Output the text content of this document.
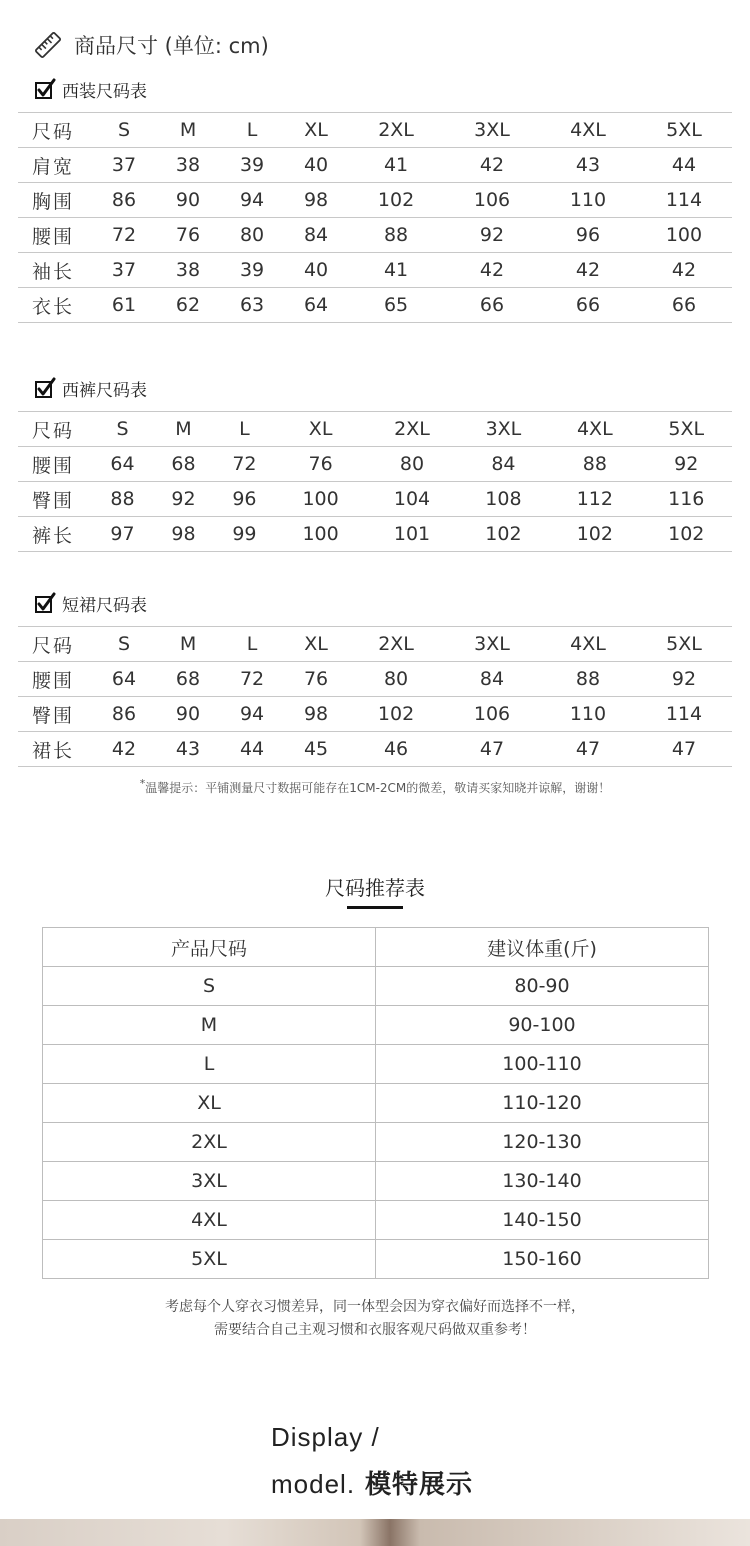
商品尺寸 (单位: cm)
西装尺码表
尺码	S	M	L	XL	2XL	3XL	4XL	5XL
肩宽	37	38	39	40	41	42	43	44
胸围	86	90	94	98	102	106	110	114
腰围	72	76	80	84	88	92	96	100
袖长	37	38	39	40	41	42	42	42
衣长	61	62	63	64	65	66	66	66
西裤尺码表
尺码	S	M	L	XL	2XL	3XL	4XL	5XL
腰围	64	68	72	76	80	84	88	92
臀围	88	92	96	100	104	108	112	116
裤长	97	98	99	100	101	102	102	102
短裙尺码表
尺码	S	M	L	XL	2XL	3XL	4XL	5XL
腰围	64	68	72	76	80	84	88	92
臀围	86	90	94	98	102	106	110	114
裙长	42	43	44	45	46	47	47	47
*温馨提示：平铺测量尺寸数据可能存在1CM-2CM的微差，敬请买家知晓并谅解，谢谢！
尺码推荐表
产品尺码	建议体重(斤)
S	80-90
M	90-100
L	100-110
XL	110-120
2XL	120-130
3XL	130-140
4XL	140-150
5XL	150-160
考虑每个人穿衣习惯差异，同一体型会因为穿衣偏好而选择不一样，
需要结合自己主观习惯和衣服客观尺码做双重参考！
Display /
model. 模特展示
